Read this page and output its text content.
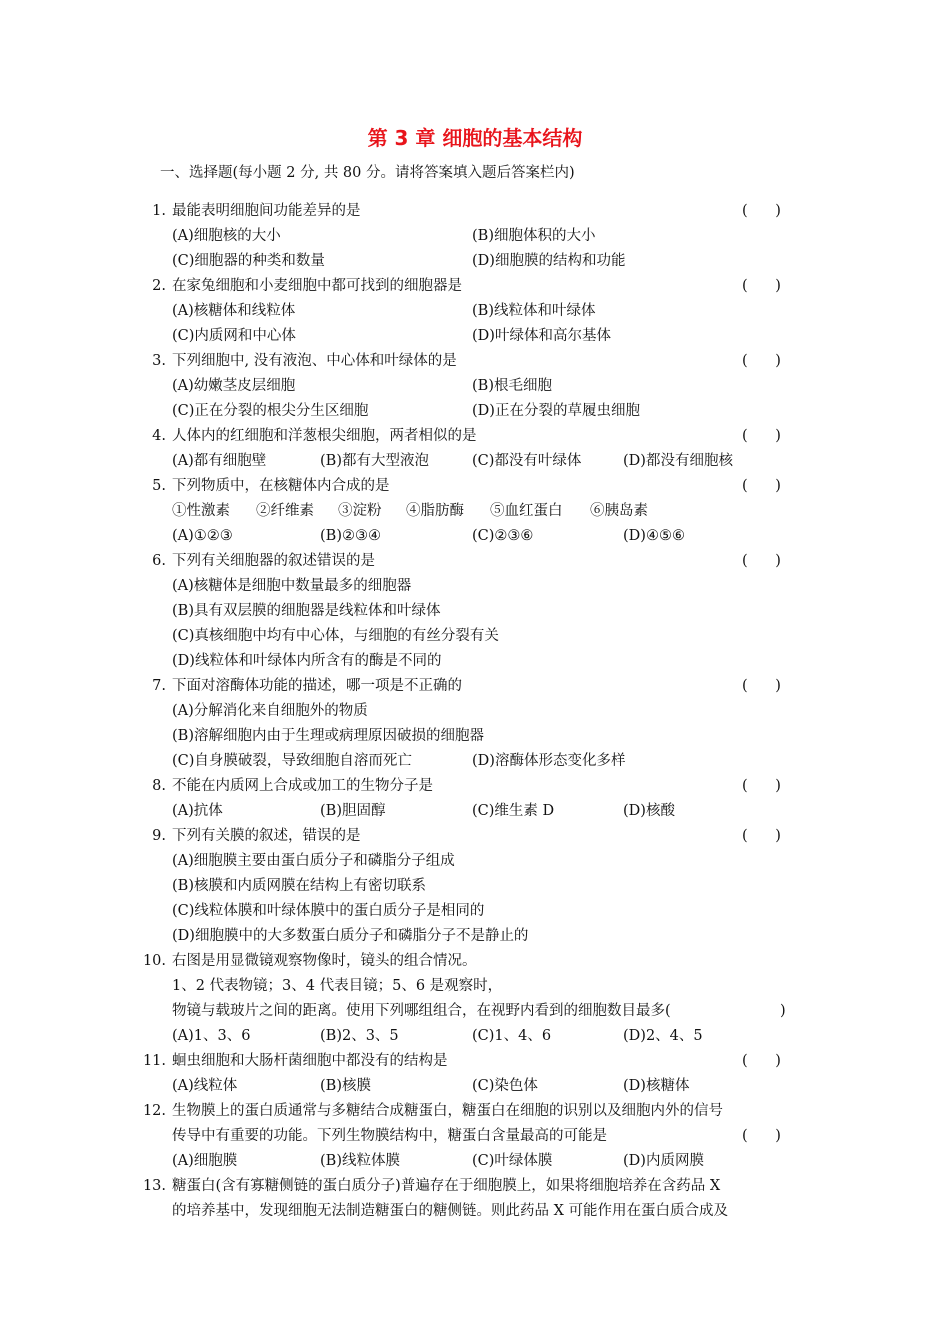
第 3 章 细胞的基本结构
一、选择题(每小题 2 分, 共 80 分。请将答案填入题后答案栏内)
1. 最能表明细胞间功能差异的是	(      )
(A)细胞核的大小	(B)细胞体积的大小
(C)细胞器的种类和数量	(D)细胞膜的结构和功能
2. 在家兔细胞和小麦细胞中都可找到的细胞器是	(      )
(A)核糖体和线粒体	(B)线粒体和叶绿体
(C)内质网和中心体	(D)叶绿体和高尔基体
3. 下列细胞中, 没有液泡、中心体和叶绿体的是	(      )
(A)幼嫩茎皮层细胞	(B)根毛细胞
(C)正在分裂的根尖分生区细胞	(D)正在分裂的草履虫细胞
4. 人体内的红细胞和洋葱根尖细胞，两者相似的是	(      )
(A)都有细胞壁	(B)都有大型液泡	(C)都没有叶绿体	(D)都没有细胞核
5. 下列物质中，在核糖体内合成的是	(      )
①性激素 ②纤维素 ③淀粉 ④脂肪酶 ⑤血红蛋白 ⑥胰岛素
(A)①②③	(B)②③④	(C)②③⑥	(D)④⑤⑥
6. 下列有关细胞器的叙述错误的是	(      )
(A)核糖体是细胞中数量最多的细胞器
(B)具有双层膜的细胞器是线粒体和叶绿体
(C)真核细胞中均有中心体，与细胞的有丝分裂有关
(D)线粒体和叶绿体内所含有的酶是不同的
7. 下面对溶酶体功能的描述，哪一项是不正确的	(      )
(A)分解消化来自细胞外的物质
(B)溶解细胞内由于生理或病理原因破损的细胞器
(C)自身膜破裂，导致细胞自溶而死亡	(D)溶酶体形态变化多样
8. 不能在内质网上合成或加工的生物分子是	(      )
(A)抗体	(B)胆固醇	(C)维生素 D	(D)核酸
9. 下列有关膜的叙述，错误的是	(      )
(A)细胞膜主要由蛋白质分子和磷脂分子组成
(B)核膜和内质网膜在结构上有密切联系
(C)线粒体膜和叶绿体膜中的蛋白质分子是相同的
(D)细胞膜中的大多数蛋白质分子和磷脂分子不是静止的
10. 右图是用显微镜观察物像时，镜头的组合情况。
1、2 代表物镜；3、4 代表目镜；5、6 是观察时，
物镜与载玻片之间的距离。使用下列哪组组合，在视野内看到的细胞数目最多(	)
(A)1、3、6	(B)2、3、5	(C)1、4、6	(D)2、4、5
11. 蛔虫细胞和大肠杆菌细胞中都没有的结构是	(      )
(A)线粒体	(B)核膜	(C)染色体	(D)核糖体
12. 生物膜上的蛋白质通常与多糖结合成糖蛋白，糖蛋白在细胞的识别以及细胞内外的信号
传导中有重要的功能。下列生物膜结构中，糖蛋白含量最高的可能是	(      )
(A)细胞膜	(B)线粒体膜	(C)叶绿体膜	(D)内质网膜
13. 糖蛋白(含有寡糖侧链的蛋白质分子)普遍存在于细胞膜上，如果将细胞培养在含药品 X
的培养基中，发现细胞无法制造糖蛋白的糖侧链。则此药品 X 可能作用在蛋白质合成及
